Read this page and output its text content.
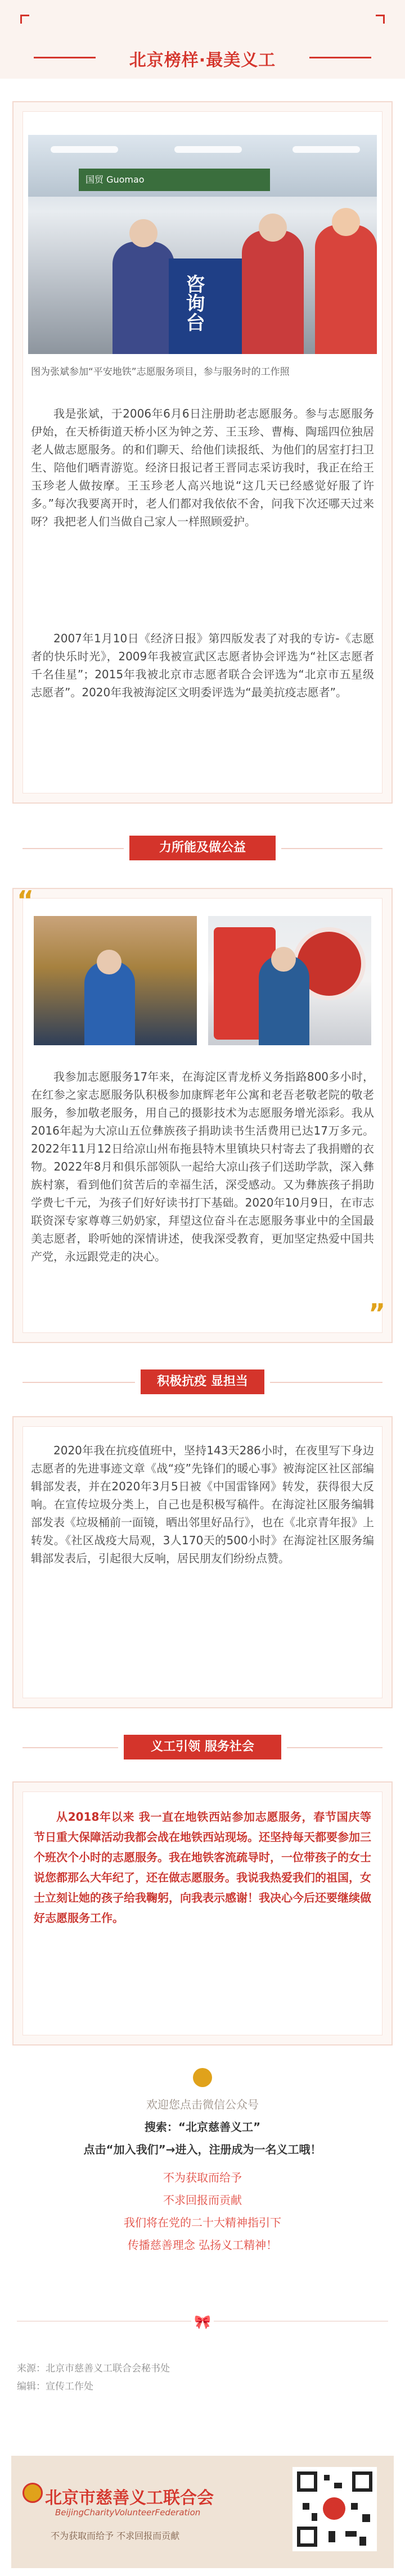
北京榜样·最美义工
国贸 Guomao
咨询台
图为张斌参加“平安地铁”志愿服务项目，参与服务时的工作照
我是张斌，于2006年6月6日注册助老志愿服务。参与志愿服务伊始，在天桥街道天桥小区为钟之芳、王玉珍、曹梅、陶瑶四位独居老人做志愿服务。的和们聊天、给他们读报纸、为他们的居室打扫卫生、陪他们晒青游览。经济日报记者王晋同志采访我时，我正在给王玉珍老人做按摩。王玉珍老人高兴地说“这几天已经感觉好服了许多。”每次我要离开时，老人们都对我依依不舍，问我下次还哪天过来呀？我把老人们当做自己家人一样照顾爱护。
2007年1月10日《经济日报》第四版发表了对我的专访-《志愿者的快乐时光》，2009年我被宣武区志愿者协会评选为“社区志愿者千名佳星”；2015年我被北京市志愿者联合会评选为“北京市五星级志愿者”。2020年我被海淀区文明委评选为“最美抗疫志愿者”。
力所能及做公益
“
”
我参加志愿服务17年来，在海淀区青龙桥义务指路800多小时，在红参之家志愿服务队积极参加康辉老年公寓和老吾老敬老院的敬老服务，参加敬老服务，用自己的摄影技术为志愿服务增光添彩。我从2016年起为大凉山五位彝族孩子捐助读书生活费用已达17万多元。2022年11月12日给凉山州布拖县特木里镇块只村寄去了我捐赠的衣物。2022年8月和俱乐部领队一起给大凉山孩子们送助学款，深入彝族村寨，看到他们贫苦后的幸福生活，深受感动。又为彝族孩子捐助学费七千元，为孩子们好好读书打下基础。2020年10月9日，在市志联资深专家尊尊三奶奶家，拜望这位奋斗在志愿服务事业中的全国最美志愿者，聆听她的深情讲述，使我深受教育，更加坚定热爱中国共产党，永远跟党走的决心。
积极抗疫 显担当
2020年我在抗疫值班中，坚持143天286小时，在夜里写下身边志愿者的先进事迹文章《战“疫”先锋们的暖心事》被海淀区社区部编辑部发表，并在2020年3月5日被《中国雷锋网》转发，获得很大反响。在宣传垃圾分类上，自己也是积极写稿件。在海淀社区服务编辑部发表《垃圾桶前一面镜，晒出邻里好品行》，也在《北京青年报》上转发。《社区战疫大局观，3人170天的500小时》在海淀社区服务编辑部发表后，引起很大反响，居民朋友们纷纷点赞。
义工引领 服务社会
从2018年以来 我一直在地铁西站参加志愿服务，春节国庆等节日重大保障活动我都会战在地铁西站现场。还坚持每天都要参加三个班次个小时的志愿服务。我在地铁客流疏导时，一位带孩子的女士说您都那么大年纪了，还在做志愿服务。我说我热爱我们的祖国，女士立刻让她的孩子给我鞠躬，向我表示感谢！我决心今后还要继续做好志愿服务工作。
欢迎您点击微信公众号
搜索：“北京慈善义工”
点击“加入我们”→进入，注册成为一名义工哦！
不为获取而给予
不求回报而贡献
我们将在党的二十大精神指引下
传播慈善理念 弘扬义工精神！
🎀
来源：北京市慈善义工联合会秘书处
编辑：宣传工作处
北京市慈善义工联合会
BeijingCharityVolunteerFederation
不为获取而给予 不求回报而贡献
